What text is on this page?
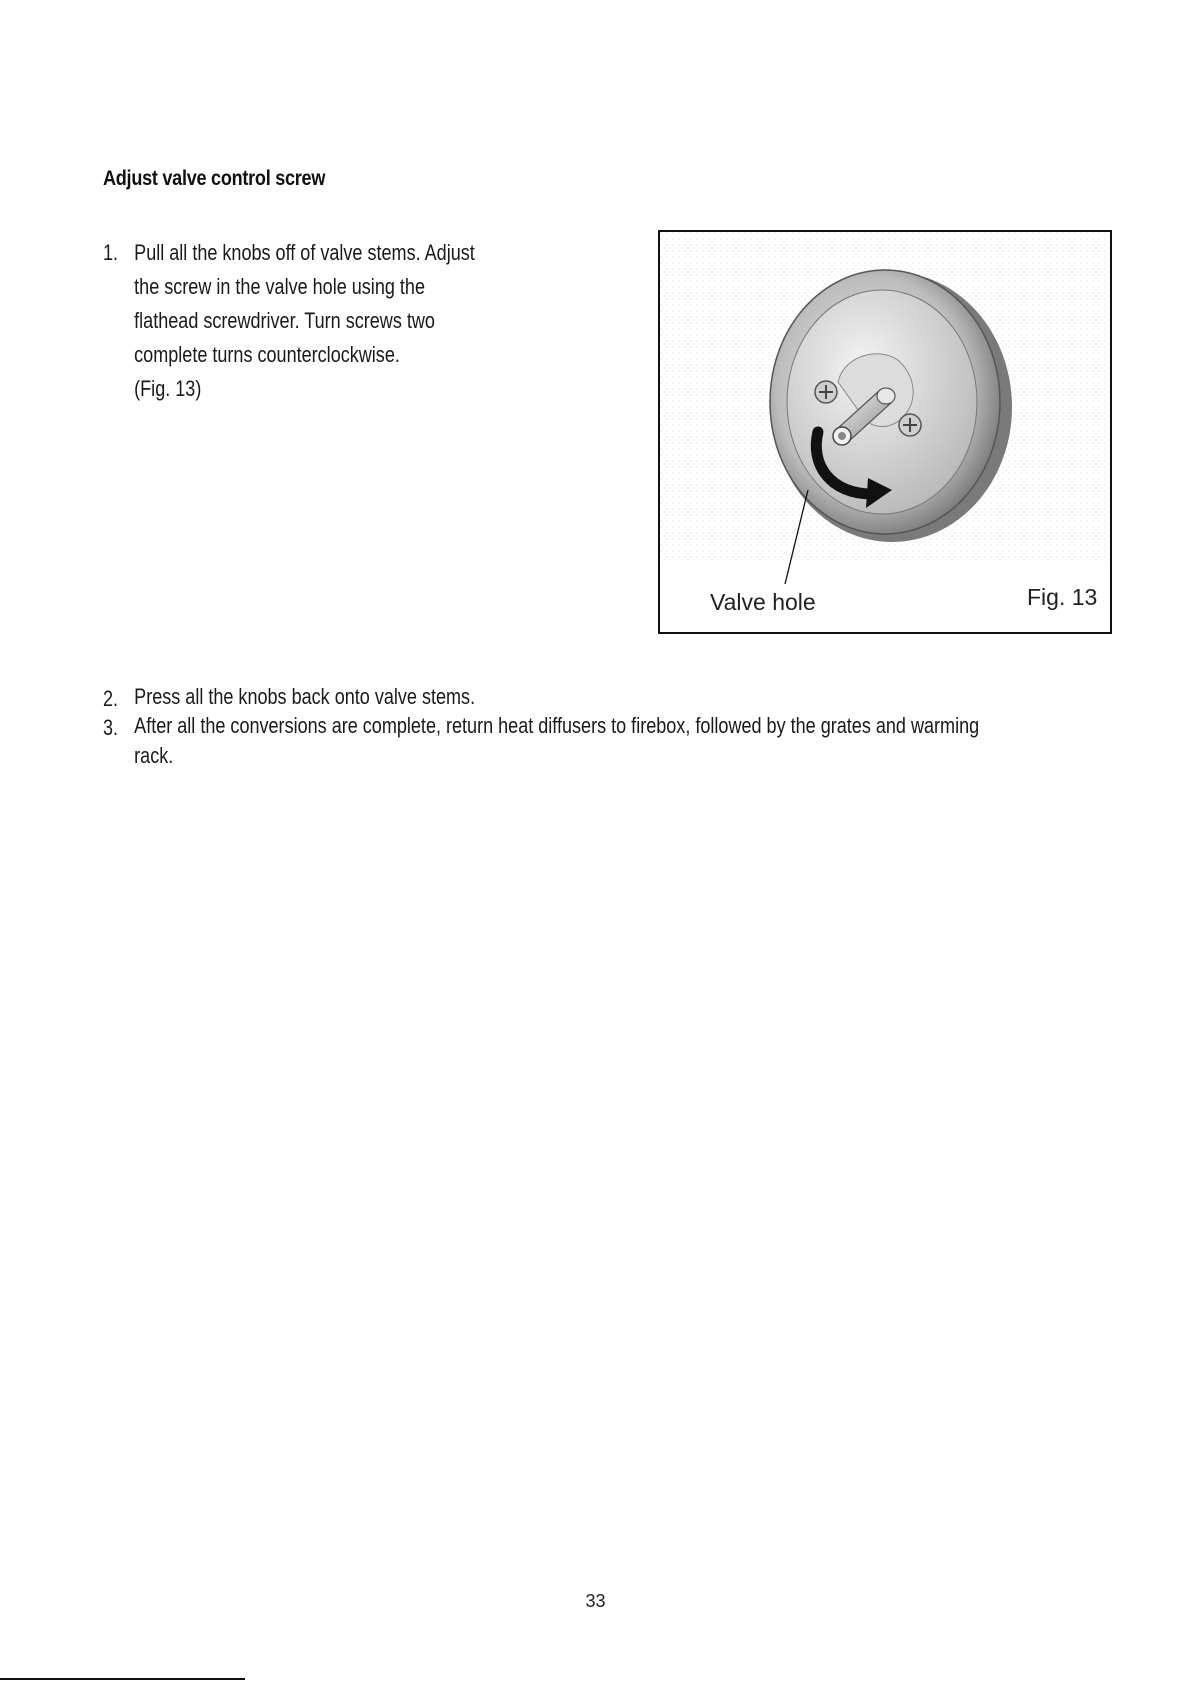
Adjust valve control screw
1. Pull all the knobs off of valve stems. Adjust
the screw in the valve hole using the
flathead screwdriver. Turn screws two
complete turns counterclockwise.
(Fig. 13)
Valve hole	Fig. 13
2. Press all the knobs back onto valve stems.
3. After all the conversions are complete, return heat diffusers to firebox, followed by the grates and warming
rack.
33
